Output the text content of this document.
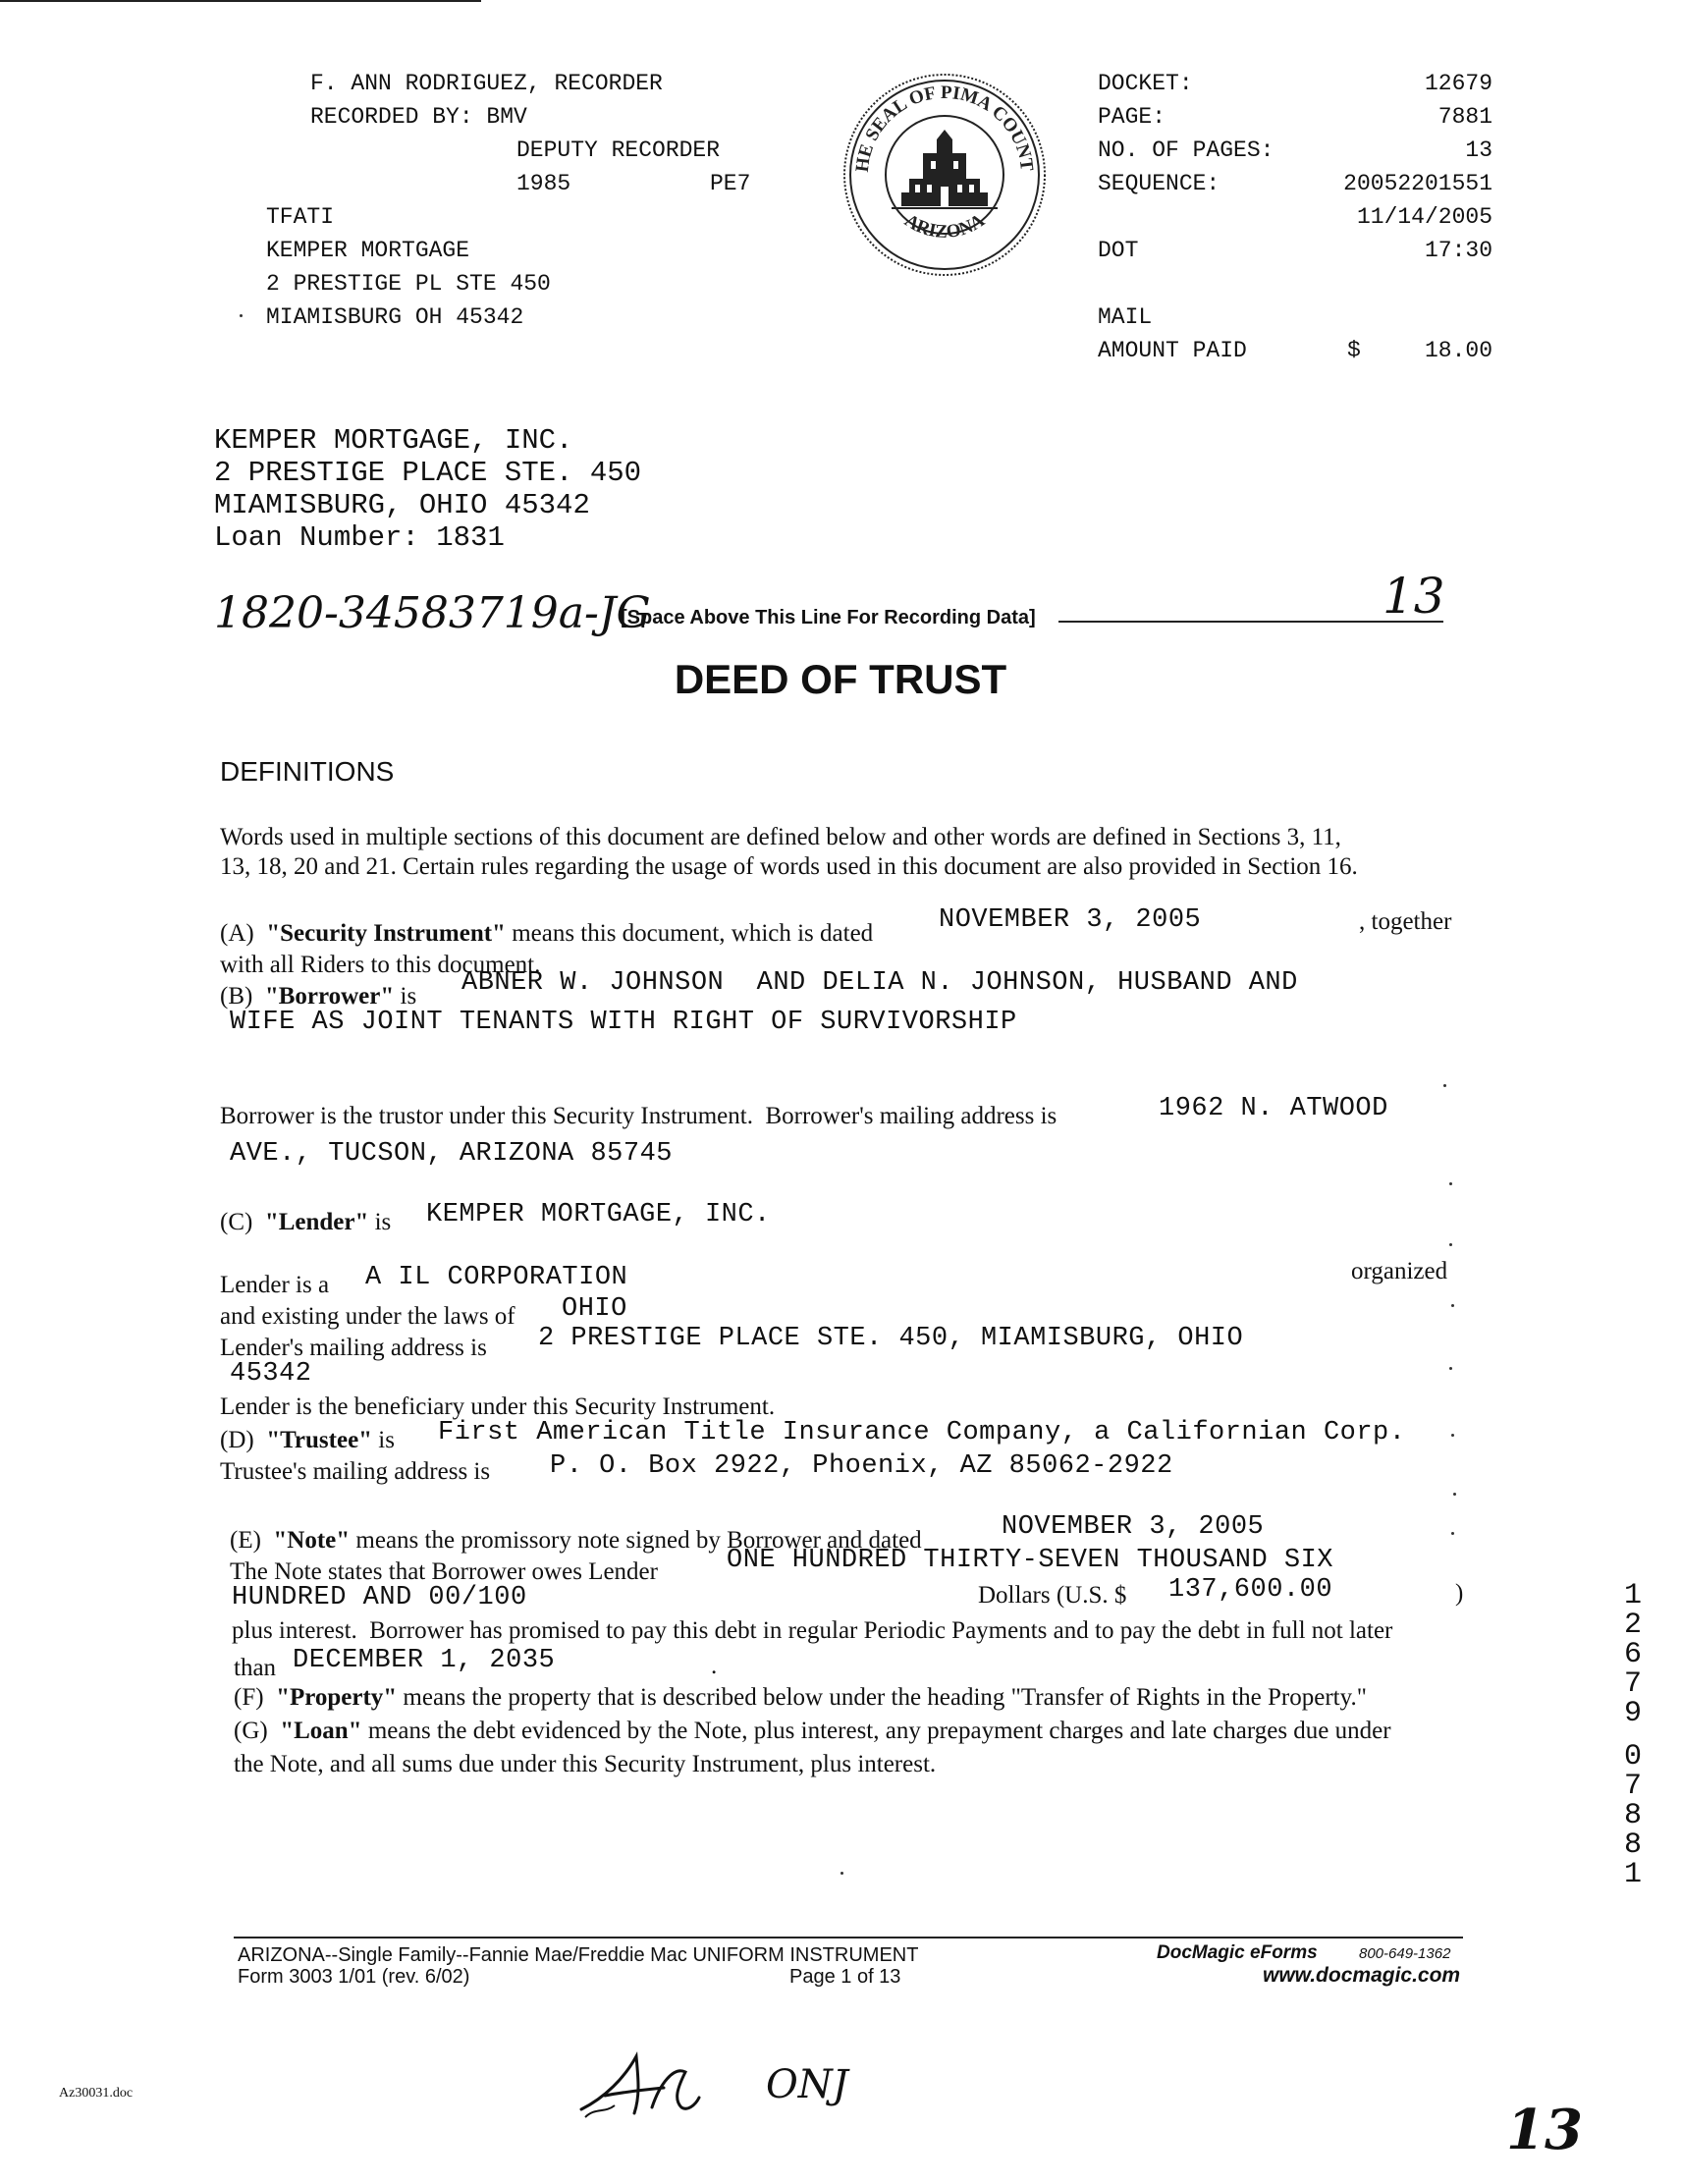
F. ANN RODRIGUEZ, RECORDER
RECORDED BY: BMV
DEPUTY RECORDER
1985	PE7
TFATI
KEMPER MORTGAGE
2 PRESTIGE PL STE 450
MIAMISBURG OH 45342
HE SEAL OF PIMA COUNT
ARIZONA
DOCKET:	12679
PAGE:	7881
NO. OF PAGES:	13
SEQUENCE:	20052201551
11/14/2005
DOT	17:30
MAIL
AMOUNT PAID	$	18.00
KEMPER MORTGAGE, INC.
2 PRESTIGE PLACE STE. 450
MIAMISBURG, OHIO 45342
Loan Number: 1831
1820-34583719a-JG
[Space Above This Line For Recording Data]	13
DEED OF TRUST
DEFINITIONS
Words used in multiple sections of this document are defined below and other words are defined in Sections 3, 11,
13, 18, 20 and 21. Certain rules regarding the usage of words used in this document are also provided in Section 16.
(A) "Security Instrument" means this document, which is dated NOVEMBER 3, 2005	, together
with all Riders to this document.
(B) "Borrower" is ABNER W. JOHNSON  AND DELIA N. JOHNSON, HUSBAND AND
WIFE AS JOINT TENANTS WITH RIGHT OF SURVIVORSHIP
Borrower is the trustor under this Security Instrument.  Borrower's mailing address is	1962 N. ATWOOD
AVE., TUCSON, ARIZONA 85745
(C) "Lender" is KEMPER MORTGAGE, INC.
Lender is a A IL CORPORATION	organized
and existing under the laws of OHIO
Lender's mailing address is 2 PRESTIGE PLACE STE. 450, MIAMISBURG, OHIO
45342
Lender is the beneficiary under this Security Instrument.
(D) "Trustee" is First American Title Insurance Company, a Californian Corp.
Trustee's mailing address is P. O. Box 2922, Phoenix, AZ 85062-2922
(E) "Note" means the promissory note signed by Borrower and dated	NOVEMBER 3, 2005
The Note states that Borrower owes Lender	ONE HUNDRED THIRTY-SEVEN THOUSAND SIX
HUNDRED AND 00/100	Dollars (U.S. $ 137,600.00	)
plus interest.  Borrower has promised to pay this debt in regular Periodic Payments and to pay the debt in full not later
than DECEMBER 1, 2035	.
(F) "Property" means the property that is described below under the heading "Transfer of Rights in the Property."
(G) "Loan" means the debt evidenced by the Note, plus interest, any prepayment charges and late charges due under
the Note, and all sums due under this Security Instrument, plus interest.
1
2
6
7
9
0
7
8
8
1
ARIZONA--Single Family--Fannie Mae/Freddie Mac UNIFORM INSTRUMENT
Form 3003 1/01 (rev. 6/02)	Page 1 of 13
DocMagic eForms	800-649-1362
www.docmagic.com
Az30031.doc	ONJ
13
